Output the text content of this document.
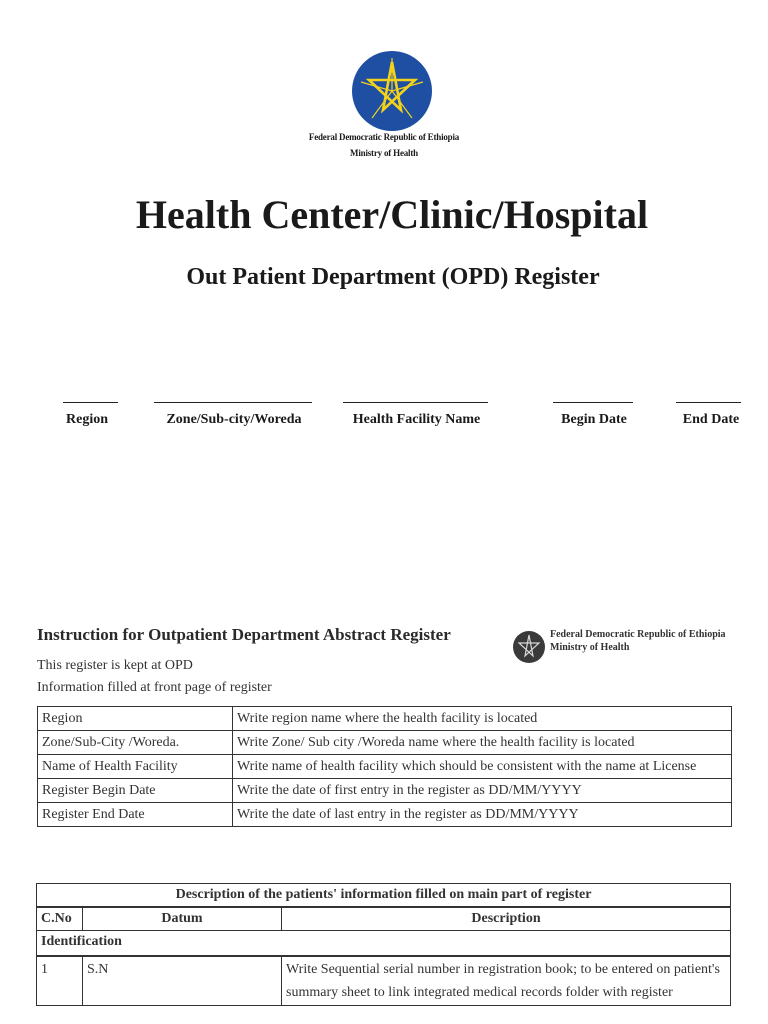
Federal Democratic Republic of Ethiopia
Ministry of Health
Health Center/Clinic/Hospital
Out Patient Department (OPD) Register
Region	Zone/Sub-city/Woreda	Health Facility Name	Begin Date	End Date
Instruction for Outpatient Department Abstract Register	Federal Democratic Republic of Ethiopia
Ministry of Health
This register is kept at OPD
Information filled at front page of register
Region	Write region name where the health facility is located
Zone/Sub-City /Woreda.	Write Zone/ Sub city /Woreda name where the health facility is located
Name of Health Facility	Write name of health facility which should be consistent with the name at License
Register Begin Date	Write the date of first entry in the register as DD/MM/YYYY
Register End Date	Write the date of last entry in the register as DD/MM/YYYY
Description of the patients' information filled on main part of register		
C.No	Datum	Description
Identification		
1	S.N	Write Sequential serial number in registration book; to be entered on patient's summary sheet to link integrated medical records folder with register
